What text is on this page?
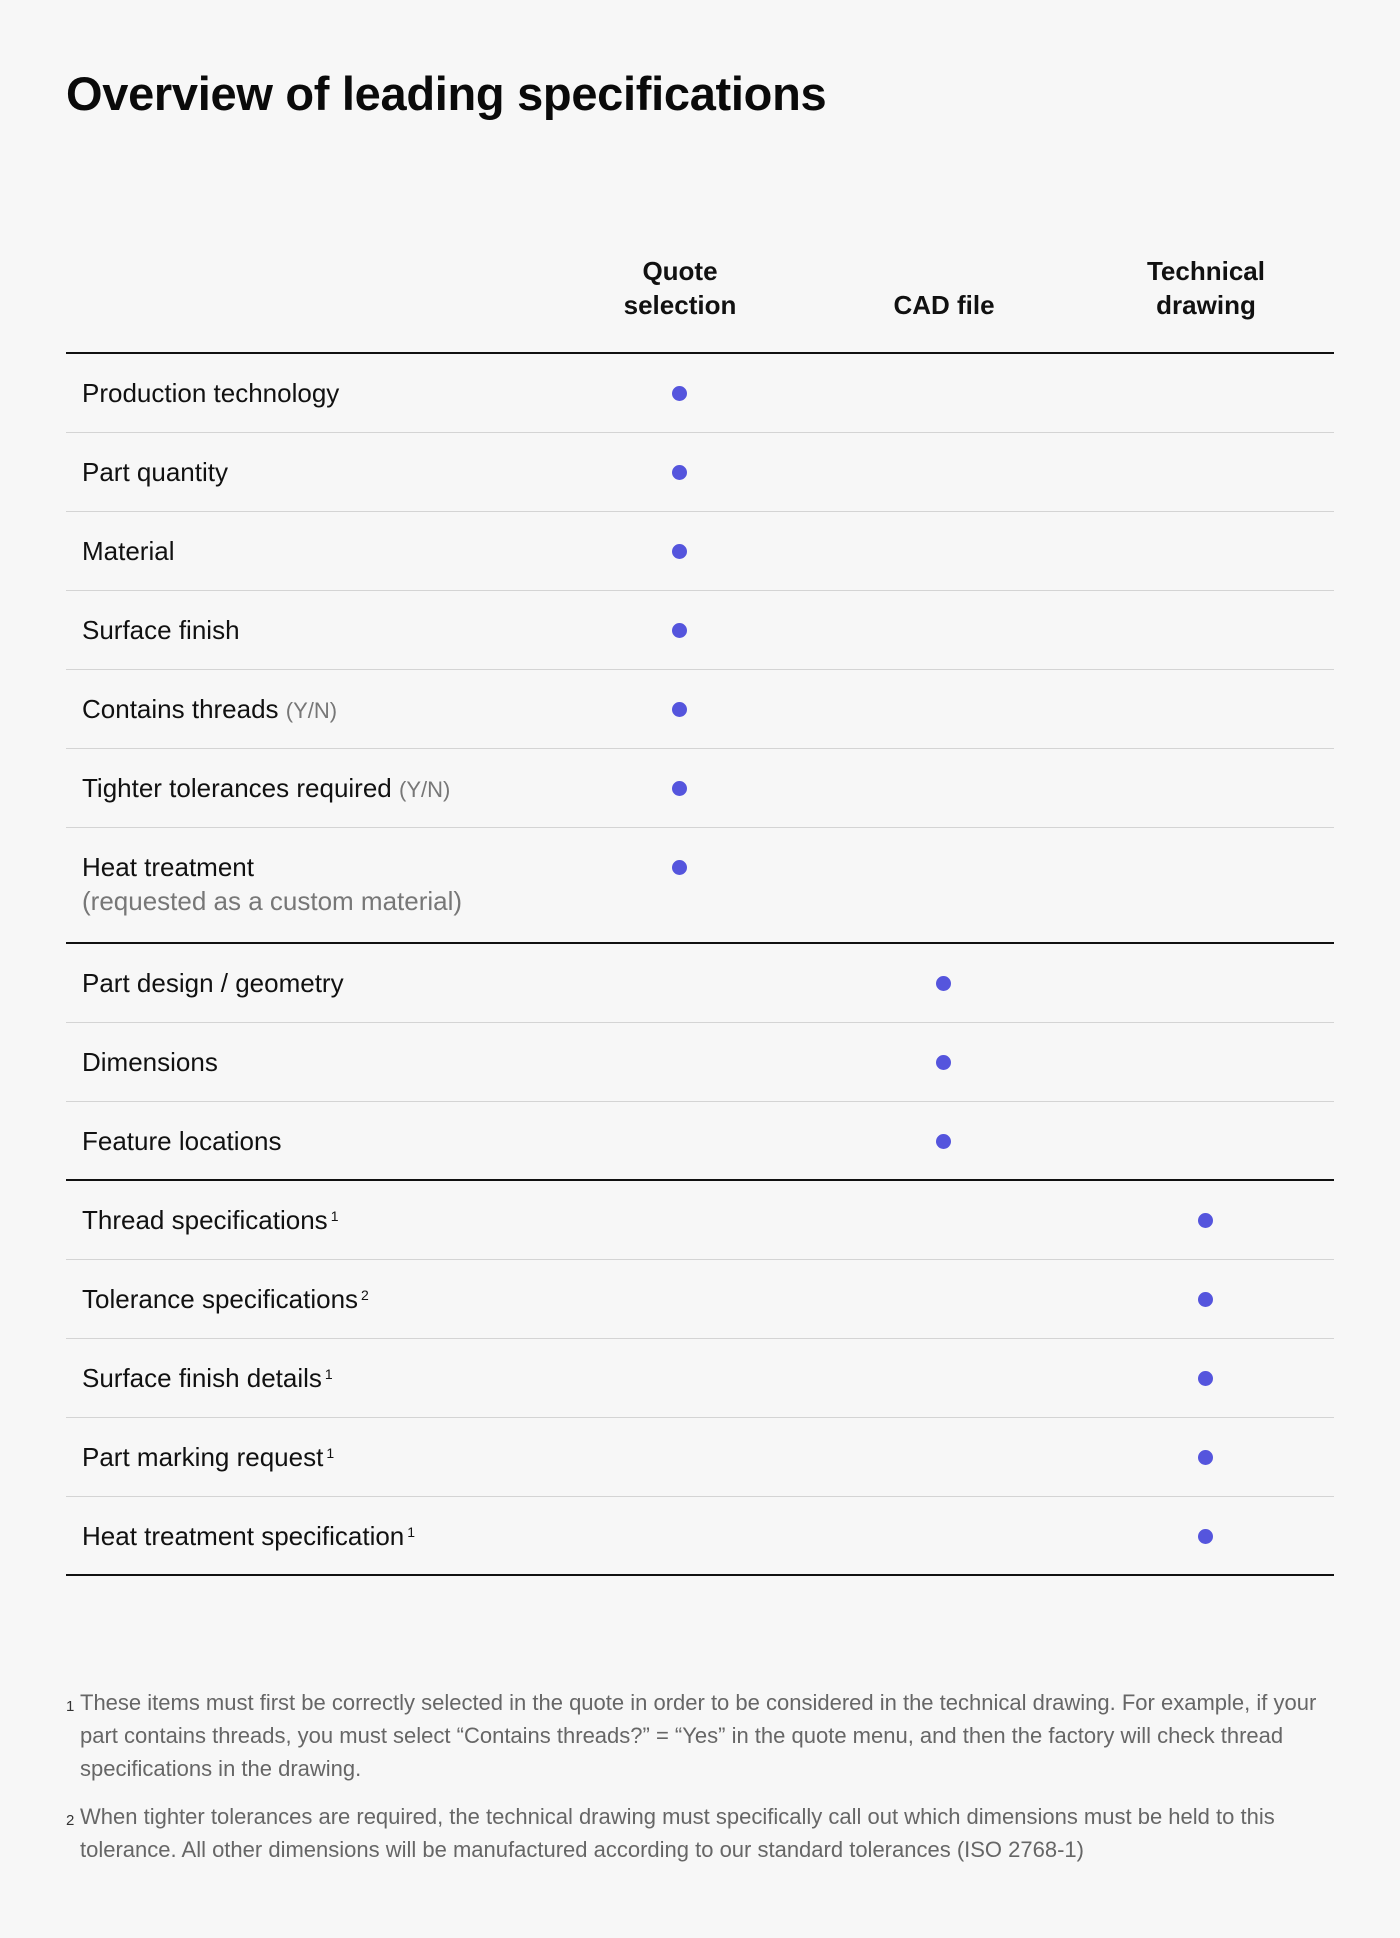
Overview of leading specifications
Quote
selection	CAD file
Technical
drawing
Production technology
Part quantity
Material
Surface finish
Contains threads (Y/N)
Tighter tolerances required (Y/N)
Heat treatment
(requested as a custom material)
Part design / geometry
Dimensions
Feature locations
Thread specifications $^1$
Tolerance specifications $^2$
Surface finish details $^1$
Part marking request $^1$
Heat treatment specification $^1$
1 These items must first be correctly selected in the quote in order to be considered in the technical drawing. For example, if your part contains threads, you must select “Contains threads?” = “Yes” in the quote menu, and then the factory will check thread specifications in the drawing.
2 When tighter tolerances are required, the technical drawing must specifically call out which dimensions must be held to this tolerance. All other dimensions will be manufactured according to our standard tolerances (ISO 2768-1)
